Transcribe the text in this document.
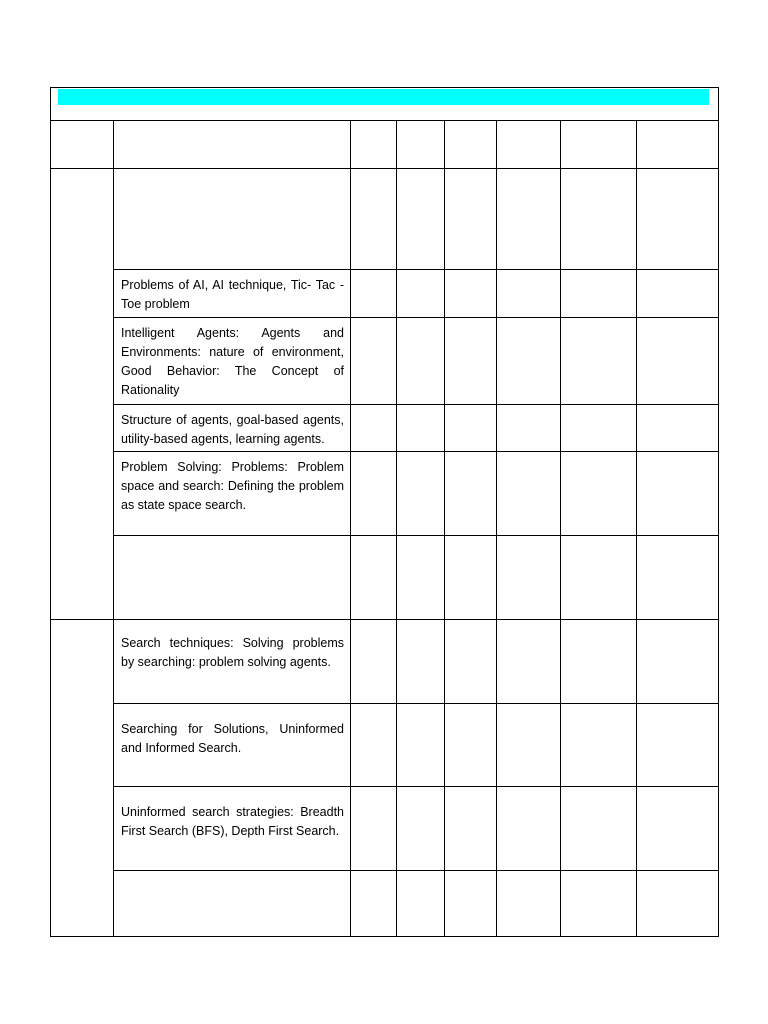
	Problems of AI, AI technique, Tic- Tac -Toe problem						

	Intelligent Agents: Agents and Environments: nature of environment, Good Behavior: The Concept of Rationality						

	Structure of agents, goal-based agents, utility-based agents, learning agents.						

	Problem Solving: Problems: Problem space and search: Defining the problem as state space search.						

	Search techniques: Solving problems by searching: problem solving agents.						

	Searching for Solutions, Uninformed and Informed Search.						

	Uninformed search strategies: Breadth First Search (BFS), Depth First Search.						
